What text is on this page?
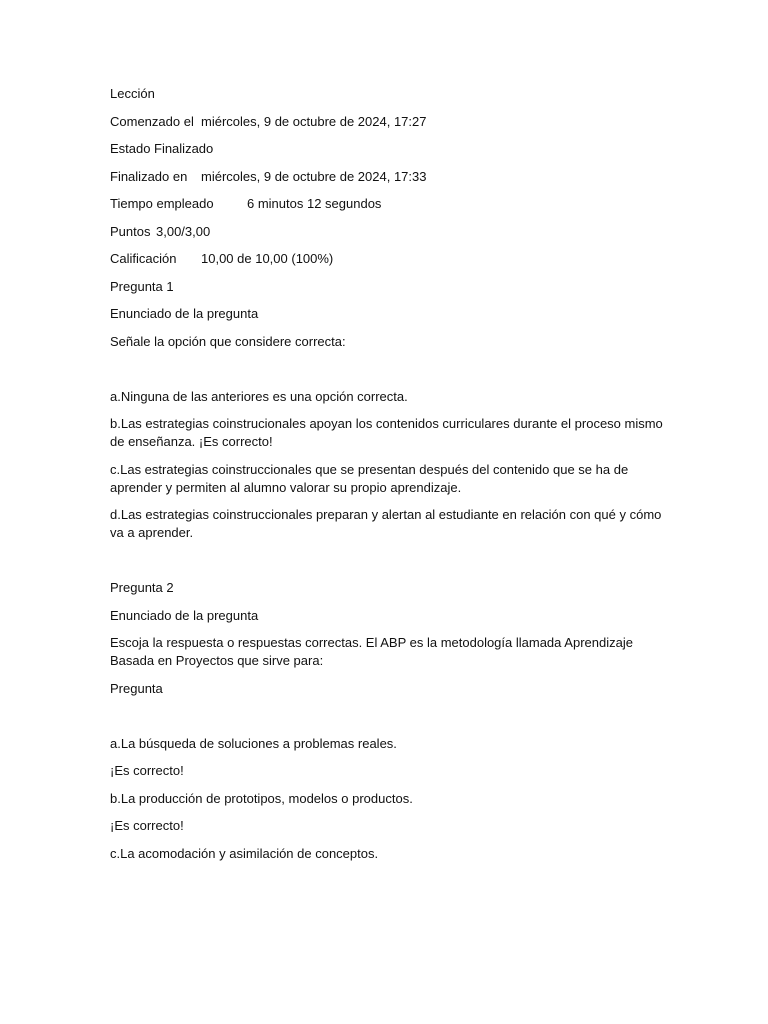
Lección

Comenzado el miércoles, 9 de octubre de 2024, 17:27

Estado Finalizado

Finalizado en miércoles, 9 de octubre de 2024, 17:33

Tiempo empleado	6 minutos 12 segundos

Puntos 3,00/3,00

Calificación 10,00 de 10,00 (100%)

Pregunta 1

Enunciado de la pregunta

Señale la opción que considere correcta:

a.Ninguna de las anteriores es una opción correcta.

b.Las estrategias coinstrucionales apoyan los contenidos curriculares durante el proceso mismo de enseñanza. ¡Es correcto!

c.Las estrategias coinstruccionales que se presentan después del contenido que se ha de aprender y permiten al alumno valorar su propio aprendizaje.

d.Las estrategias coinstruccionales preparan y alertan al estudiante en relación con qué y cómo va a aprender.

Pregunta 2

Enunciado de la pregunta

Escoja la respuesta o respuestas correctas. El ABP es la metodología llamada Aprendizaje Basada en Proyectos que sirve para:

Pregunta

a.La búsqueda de soluciones a problemas reales.

¡Es correcto!

b.La producción de prototipos, modelos o productos.

¡Es correcto!

c.La acomodación y asimilación de conceptos.
